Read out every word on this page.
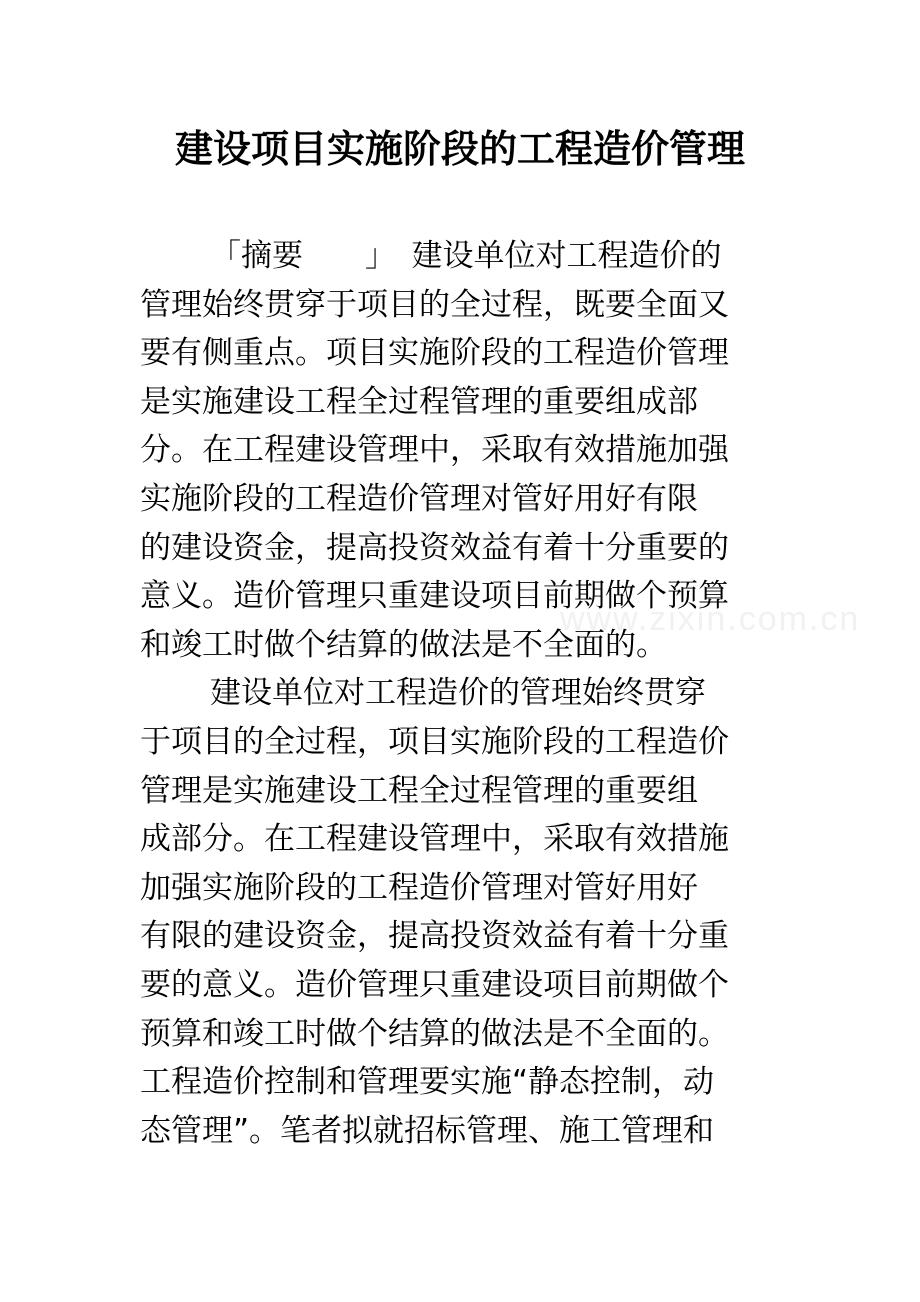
建设项目实施阶段的工程造价管理
www.zixin.com.cn
「摘要　　」　建设单位对工程造价的
管理始终贯穿于项目的全过程，既要全面又
要有侧重点。项目实施阶段的工程造价管理
是实施建设工程全过程管理的重要组成部
分。在工程建设管理中，采取有效措施加强
实施阶段的工程造价管理对管好用好有限
的建设资金，提高投资效益有着十分重要的
意义。造价管理只重建设项目前期做个预算
和竣工时做个结算的做法是不全面的。
建设单位对工程造价的管理始终贯穿
于项目的全过程，项目实施阶段的工程造价
管理是实施建设工程全过程管理的重要组
成部分。在工程建设管理中，采取有效措施
加强实施阶段的工程造价管理对管好用好
有限的建设资金，提高投资效益有着十分重
要的意义。造价管理只重建设项目前期做个
预算和竣工时做个结算的做法是不全面的。
工程造价控制和管理要实施“静态控制，动
态管理”。笔者拟就招标管理、施工管理和
